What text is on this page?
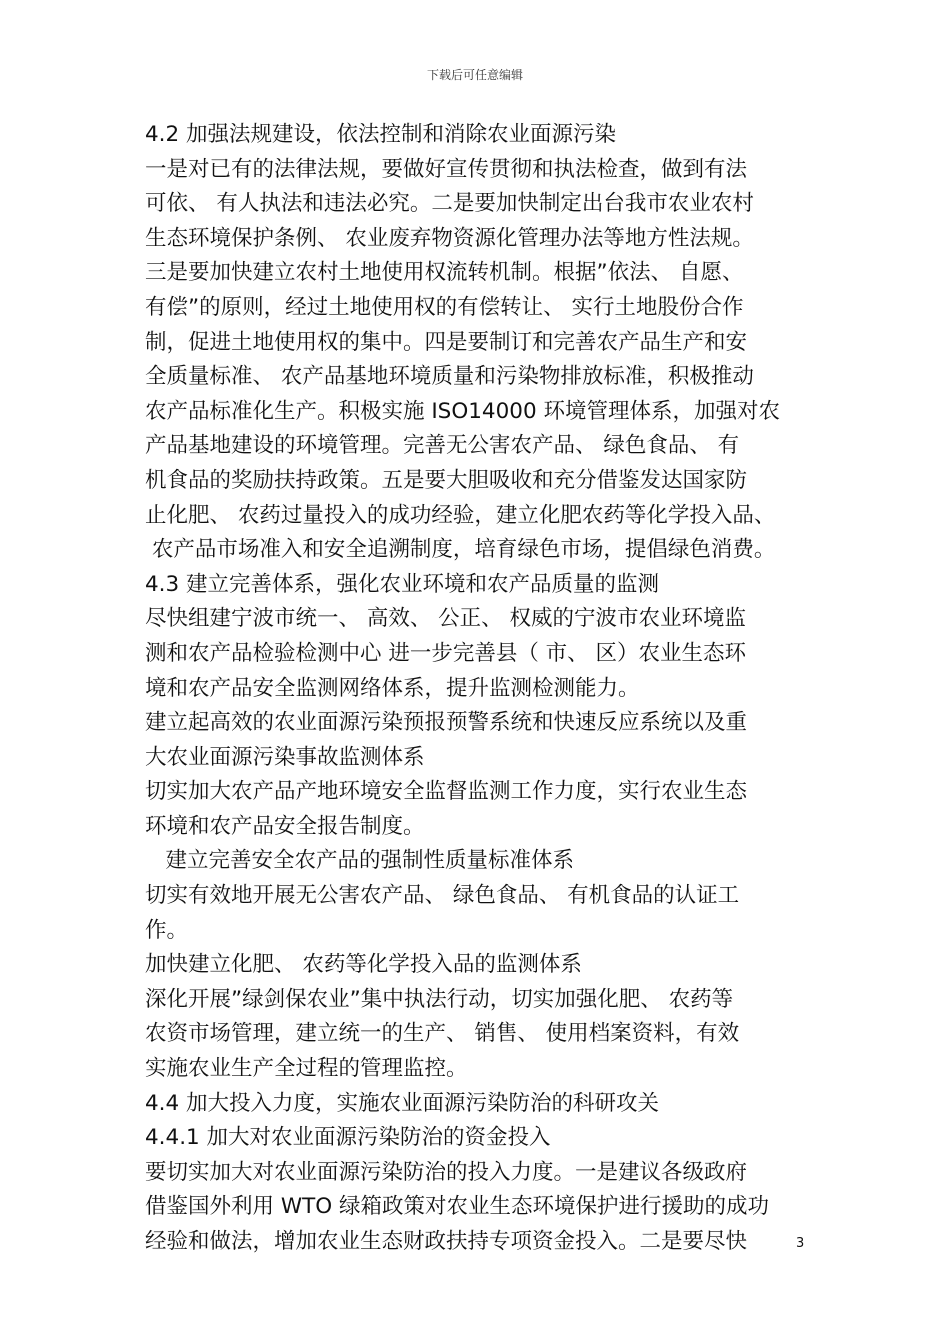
下载后可任意编辑
4.2 加强法规建设，依法控制和消除农业面源污染
一是对已有的法律法规，要做好宣传贯彻和执法检查，做到有法
可依、 有人执法和违法必究。二是要加快制定出台我市农业农村
生态环境保护条例、 农业废弃物资源化管理办法等地方性法规。
三是要加快建立农村土地使用权流转机制。根据”依法、 自愿、
有偿”的原则，经过土地使用权的有偿转让、 实行土地股份合作
制，促进土地使用权的集中。四是要制订和完善农产品生产和安
全质量标准、 农产品基地环境质量和污染物排放标准，积极推动
农产品标准化生产。积极实施 ISO14000 环境管理体系，加强对农
产品基地建设的环境管理。完善无公害农产品、 绿色食品、 有
机食品的奖励扶持政策。五是要大胆吸收和充分借鉴发达国家防
止化肥、 农药过量投入的成功经验，建立化肥农药等化学投入品、
农产品市场准入和安全追溯制度，培育绿色市场，提倡绿色消费。
4.3 建立完善体系，强化农业环境和农产品质量的监测
尽快组建宁波市统一、 高效、 公正、 权威的宁波市农业环境监
测和农产品检验检测中心 进一步完善县（ 市、 区）农业生态环
境和农产品安全监测网络体系，提升监测检测能力。
建立起高效的农业面源污染预报预警系统和快速反应系统以及重
大农业面源污染事故监测体系
切实加大农产品产地环境安全监督监测工作力度，实行农业生态
环境和农产品安全报告制度。
建立完善安全农产品的强制性质量标准体系
切实有效地开展无公害农产品、 绿色食品、 有机食品的认证工
作。
加快建立化肥、 农药等化学投入品的监测体系
深化开展”绿剑保农业”集中执法行动，切实加强化肥、 农药等
农资市场管理，建立统一的生产、 销售、 使用档案资料，有效
实施农业生产全过程的管理监控。
4.4 加大投入力度，实施农业面源污染防治的科研攻关
4.4.1 加大对农业面源污染防治的资金投入
要切实加大对农业面源污染防治的投入力度。一是建议各级政府
借鉴国外利用 WTO 绿箱政策对农业生态环境保护进行援助的成功
经验和做法，增加农业生态财政扶持专项资金投入。二是要尽快	3
